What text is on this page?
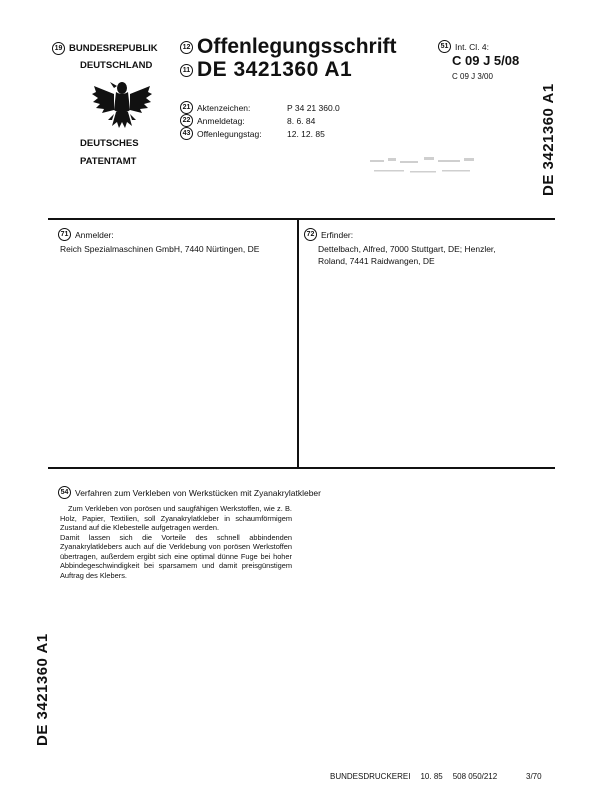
19 BUNDESREPUBLIK
DEUTSCHLAND
DEUTSCHES
PATENTAMT
12 Offenlegungsschrift
11 DE 3421360 A1
51 Int. Cl. 4:
C 09 J 5/08
C 09 J 3/00
21 Aktenzeichen:	P 34 21 360.0
22 Anmeldetag:	8. 6. 84
43 Offenlegungstag:	12. 12. 85	DE 3421360 A1
71 Anmelder:
Reich Spezialmaschinen GmbH, 7440 Nürtingen, DE
72 Erfinder:
Dettelbach, Alfred, 7000 Stuttgart, DE; Henzler,
Roland, 7441 Raidwangen, DE
54 Verfahren zum Verkleben von Werkstücken mit Zyanakrylatkleber

Zum Verkleben von porösen und saugfähigen Werkstoffen, wie z. B. Holz, Papier, Textilien, soll Zyanakrylatkleber in schaumförmigem Zustand auf die Klebestelle aufgetragen werden.

Damit lassen sich die Vorteile des schnell abbindenden Zyanakrylatklebers auch auf die Verklebung von porösen Werkstoffen übertragen, außerdem ergibt sich eine optimal dünne Fuge bei hoher Abbindegeschwindigkeit bei sparsamem und damit preisgünstigem Auftrag des Klebers.

DE 3421360 A1
BUNDESDRUCKEREI 10. 85 508 050/212	3/70
